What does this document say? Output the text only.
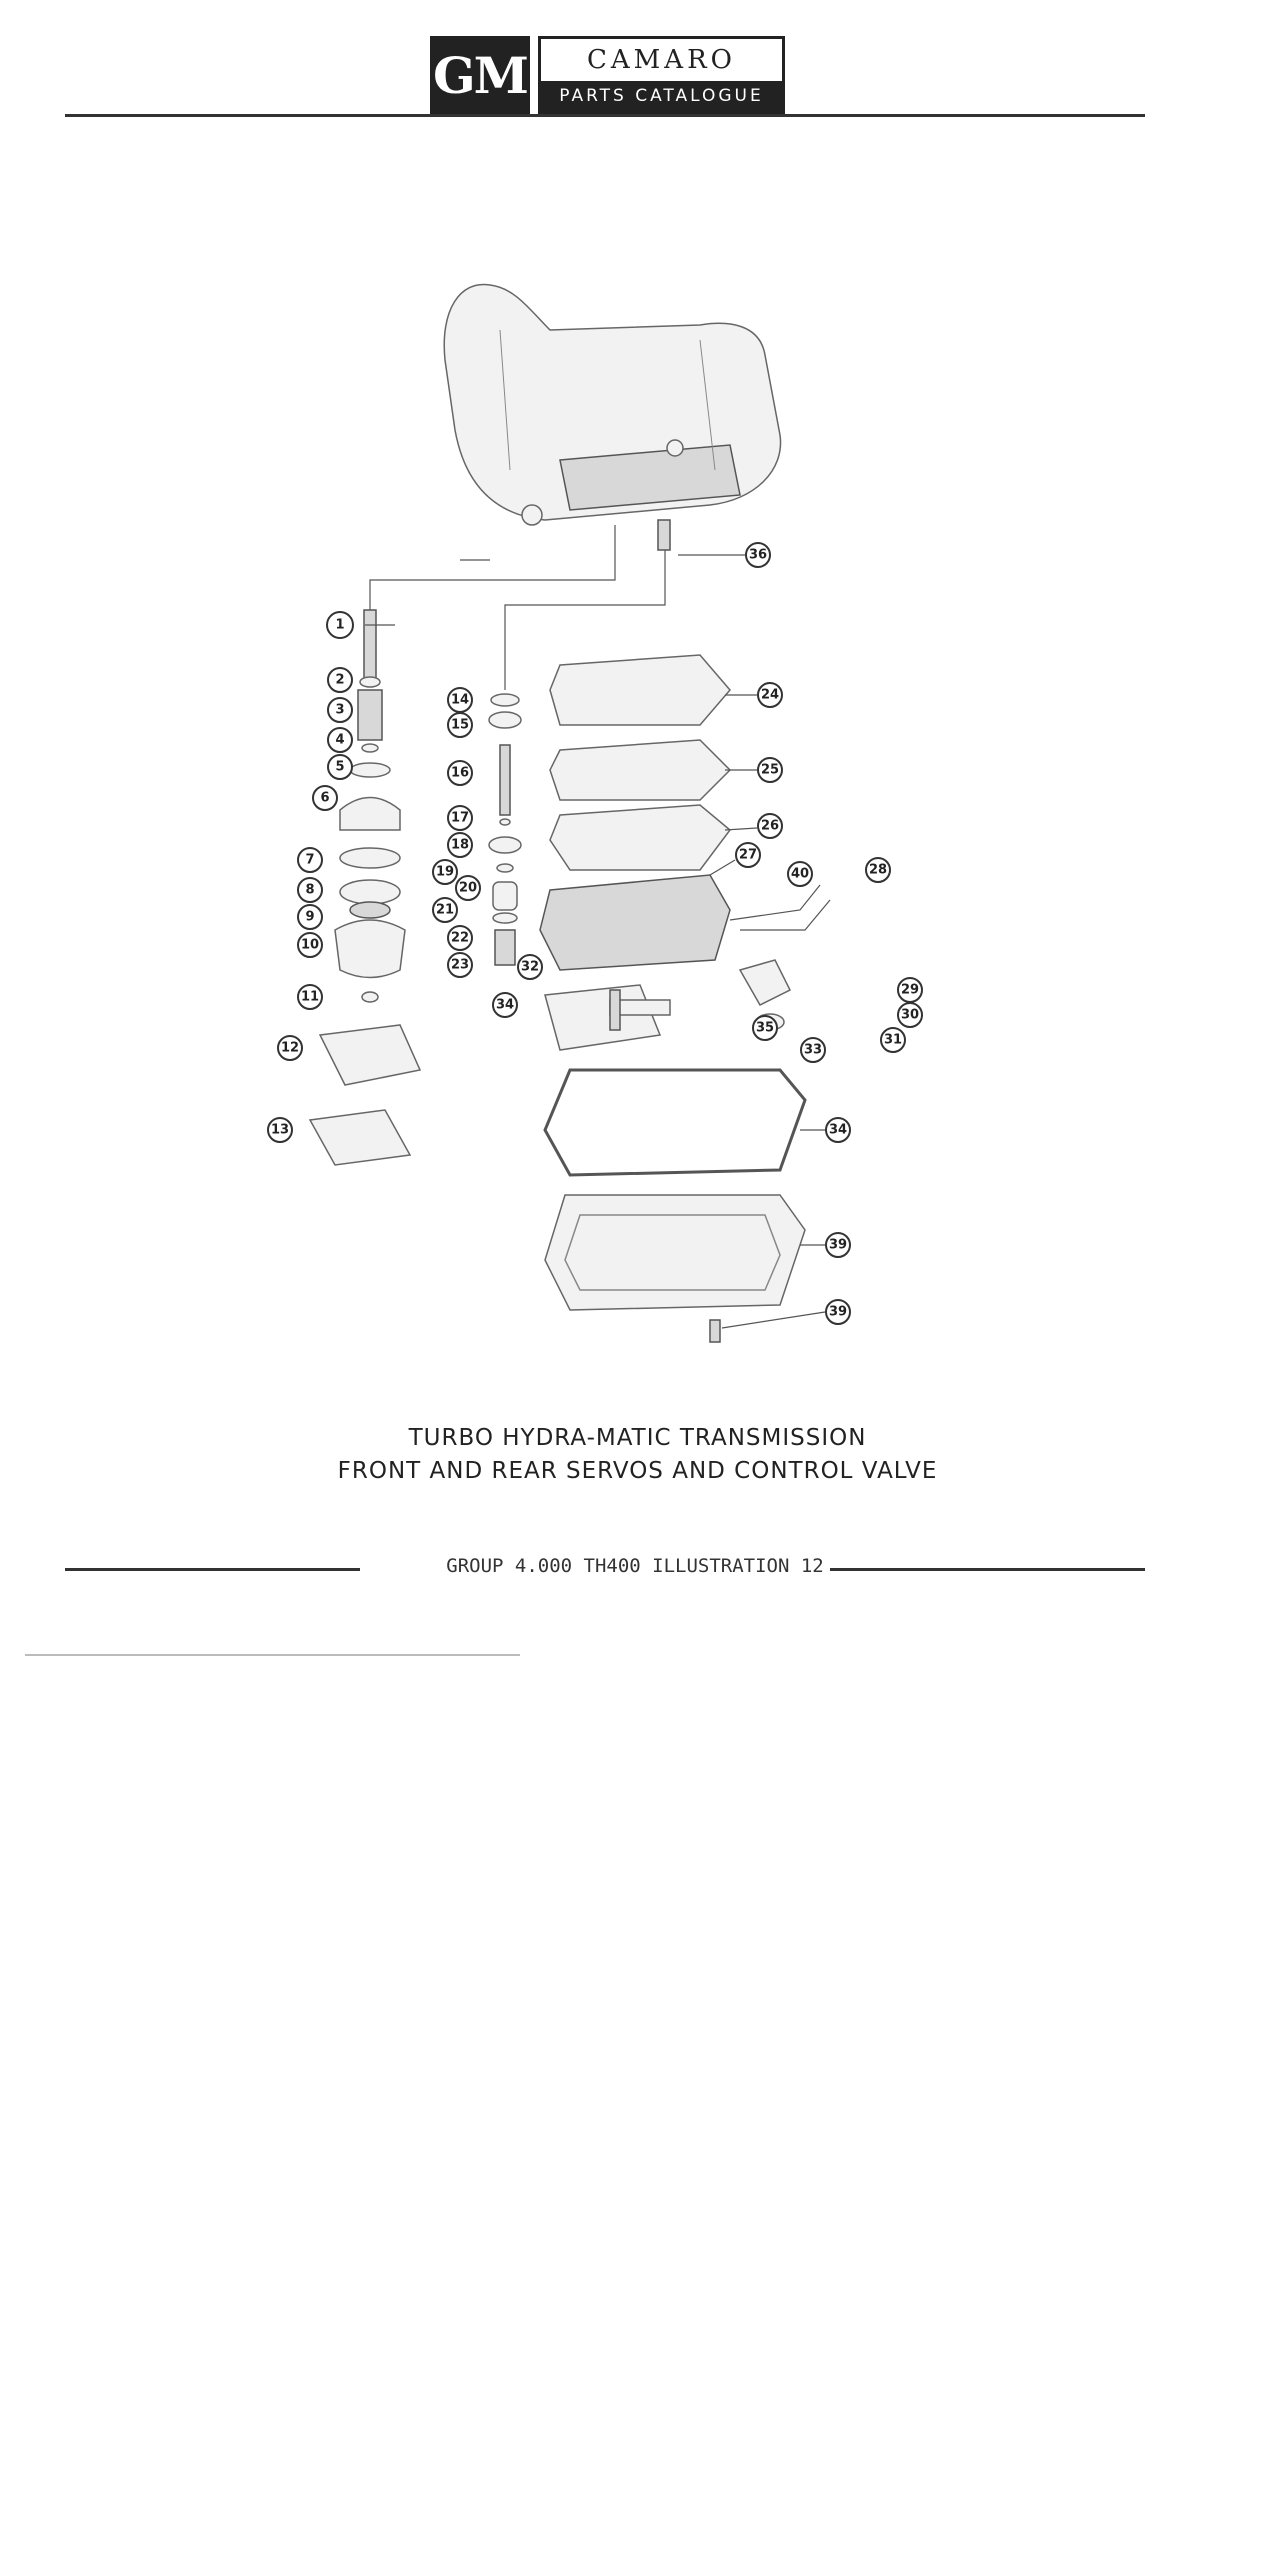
GM	CAMARO
PARTS CATALOGUE
1
2
3
4
5
6
7
8
9
10
11
12
13
14
15
16
17
18
19
20
21
22
23	32
36
24
25
26
27
40	28
29
30
31
35
33
34
34
39
39
TURBO HYDRA-MATIC TRANSMISSION
FRONT AND REAR SERVOS AND CONTROL VALVE
GROUP 4.000 TH400 ILLUSTRATION 12
